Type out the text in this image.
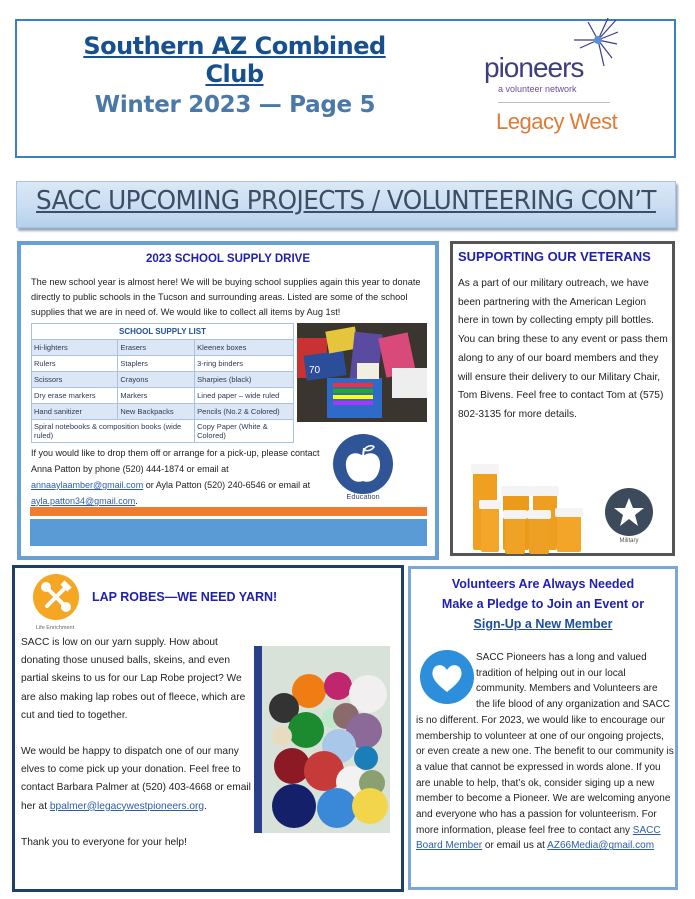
Southern AZ Combined Club
Winter 2023 — Page 5
pioneers
a volunteer network
Legacy West
SACC UPCOMING PROJECTS / VOLUNTEERING CON’T
2023 SCHOOL SUPPLY DRIVE
The new school year is almost here! We will be buying school supplies again this year to donate directly to public schools in the Tucson and surrounding areas. Listed are some of the school supplies that we are in need of. We would like to collect all items by Aug 1st!
SCHOOL SUPPLY LIST		
Hi-lighters	Erasers	Kleenex boxes
Rulers	Staplers	3-ring binders
Scissors	Crayons	Sharpies (black)
Dry erase markers	Markers	Lined paper – wide ruled
Hand sanitizer	New Backpacks	Pencils (No.2 & Colored)
Spiral notebooks & composition books (wide ruled)		Copy Paper (White & Colored)
70
If you would like to drop them off or arrange for a pick-up, please contact Anna Patton by phone (520) 444-1874 or email at annaaylaamber@gmail.com or Ayla Patton (520) 240-6546 or email at ayla.patton34@gmail.com.	Education
SUPPORTING OUR VETERANS
As a part of our military outreach, we have been partnering with the American Legion here in town by collecting empty pill bottles. You can bring these to any event or pass them along to any of our board members and they will ensure their delivery to our Military Chair, Tom Bivens. Feel free to contact Tom at (575) 802-3135 for more details.
Military
Life Enrichment
LAP ROBES—WE NEED YARN!

SACC is low on our yarn supply. How about donating those unused balls, skeins, and even partial skeins to us for our Lap Robe project? We are also making lap robes out of fleece, which are cut and tied to together.

We would be happy to dispatch one of our many elves to come pick up your donation. Feel free to contact Barbara Palmer at (520) 403-4668 or email her at bpalmer@legacywestpioneers.org.

Thank you to everyone for your help!

Volunteers Are Always Needed
Make a Pledge to Join an Event or
Sign-Up a New Member
SACC Pioneers has a long and valued tradition of helping out in our local community. Members and Volunteers are the life blood of any organization and SACC is no different. For 2023, we would like to encourage our membership to volunteer at one of our ongoing projects, or even create a new one. The benefit to our community is a value that cannot be expressed in words alone. If you are unable to help, that’s ok, consider siging up a new member to become a Pioneer. We are welcoming anyone and everyone who has a passion for volunteerism. For more information, please feel free to contact any SACC Board Member or email us at AZ66Media@gmail.com
